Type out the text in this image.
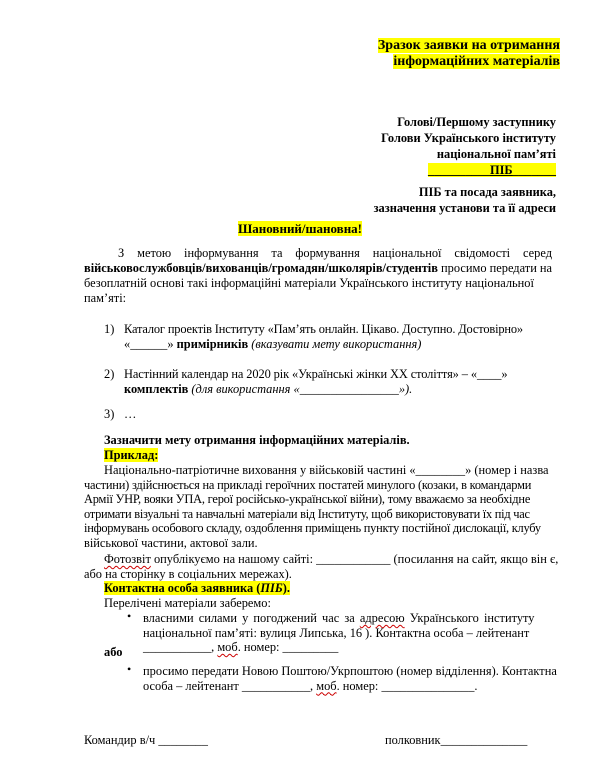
Зразок заявки на отримання
інформаційних матеріалів
Голові/Першому заступнику
Голови Українського інституту
національної пам’яті
__________ПІБ_______
ПІБ та посада заявника,
зазначення установи та її адреси
Шановний/шановна!
З метою інформування та формування національної свідомості серед
військовослужбовців/вихованців/громадян/школярів/студентів просимо передати на
безоплатній основі такі інформаційні матеріали Українського інституту національної
пам’яті:
1) Каталог проектів Інституту «Пам’ять онлайн. Цікаво. Доступно. Достовірно»
«______» примірників (вказувати мету використання)
2) Настінний календар на 2020 рік «Українські жінки ХХ століття» – «____»
комплектів (для використання «________________»).
3) …
Зазначити мету отримання інформаційних матеріалів.
Приклад:
Національно-патріотичне виховання у військовій частині «________» (номер і назва
частини) здійснюється на прикладі героїчних постатей минулого (козаки, в командарми
Армії УНР, вояки УПА, герої російсько-української війни), тому вважаємо за необхідне
отримати візуальні та навчальні матеріали від Інституту, щоб використовувати їх під час
інформувань особового складу, оздоблення приміщень пункту постійної дислокації, клубу
військової частини, актової зали.
Фотозвіт опублікуємо на нашому сайті: ____________ (посилання на сайт, якщо він є,
або на сторінку в соціальних мережах).
Контактна особа заявника (ПІБ).
Перелічені матеріали заберемо:
• власними силами у погоджений час за адресою Українського інституту
національної пам’яті: вулиця Липська, 16 ). Контактна особа – лейтенант
___________, моб. номер: _________
або
• просимо передати Новою Поштою/Укрпоштою (номер відділення). Контактна
особа – лейтенант ___________, моб. номер: _______________.
Командир в/ч ________	полковник______________
